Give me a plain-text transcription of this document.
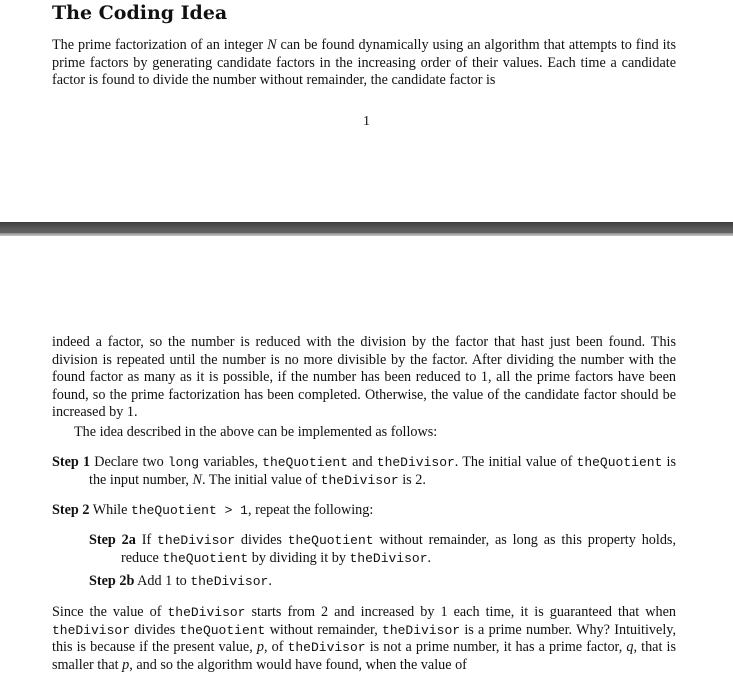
The Coding Idea

The prime factorization of an integer N can be found dynamically using an algorithm that attempts to find its prime factors by generating candidate factors in the increasing order of their values. Each time a candidate factor is found to divide the number without remainder, the candidate factor is

1

indeed a factor, so the number is reduced with the division by the factor that hast just been found. This division is repeated until the number is no more divisible by the factor. After dividing the number with the found factor as many as it is possible, if the number has been reduced to 1, all the prime factors have been found, so the prime factorization has been completed. Otherwise, the value of the candidate factor should be increased by 1.

The idea described in the above can be implemented as follows:

Step 1 Declare two long variables, theQuotient and theDivisor. The initial value of theQuotient is the input number, N. The initial value of theDivisor is 2.

Step 2 While theQuotient > 1, repeat the following:

Step 2a If theDivisor divides theQuotient without remainder, as long as this property holds, reduce theQuotient by dividing it by theDivisor.

Step 2b Add 1 to theDivisor.

Since the value of theDivisor starts from 2 and increased by 1 each time, it is guaranteed that when theDivisor divides theQuotient without remainder, theDivisor is a prime number. Why? Intuitively, this is because if the present value, p, of theDivisor is not a prime number, it has a prime factor, q, that is smaller that p, and so the algorithm would have found, when the value of
